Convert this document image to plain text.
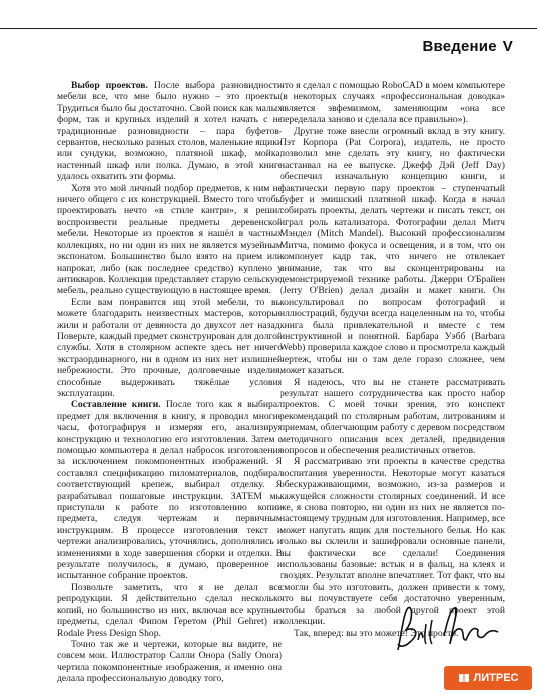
Введение V

Выбор проектов. После выбора разновидности мебели все, что мне было нужно – это проекты. Трудиться было бы достаточно. Свой поиск как малых форм, так и крупных изделий я хотел начать с не традиционные разновидности – пара буфетов-сервантов, несколько разных столов, маленькие ящики или сундуки, возможно, платяной шкаф, мойка, настенный шкаф или полка. Думаю, в этой книге удалось охватить эти формы.

Хотя это мой личный подбор предметов, к ним не ничего общего с их конструкцией. Вместо того чтобы проектировать нечто «в стиле кантри», я решил воспроизвести реальные предметы деревенской мебели. Некоторые из проектов я нашёл в частных коллекциях, но ни один из них не является музейным экспонатом. Большинство было взято на прием или напрокат, либо (как последнее средство) куплено у антикваров. Коллекция представляет старую сельскую мебель, реально существующую в настоящее время.

Если вам понравится ищ этой мебели, то вы можете благодарить неизвестных мастеров, которые жили и работали от девяноста до двухсот лет назад. Поверьте, каждый предмет сконструирован для долгой службы. Хотя в столярном аспекте здесь нет ничего экстраординарного, ни в одном из них нет излишней небрежности. Это прочные, долговечные изделия, способные выдерживать тяжёлые условия эксплуатации.

Составление книги. После того как я выбирал предмет для включения в книгу, я проводил многие часы, фотографируя и измеряя его, анализируя конструкцию и технологию его изготовления. Затем с помощью компьютера я делал набросок изготовления за исключением покомпонентных изображений. Я составлял спецификацию пиломатериалов, подбирал соответствующий крепеж, выбирал отделку. Я разрабатывал пошаговые инструкции. ЗАТЕМ мы приступали к работе по изготовлению копии предмета, следуя чертежам и первичным инструкциям. В процессе изготовления текст и чертежи анализировались, уточнялись, дополнялись и изменениями в ходе завершения сборки и отделки. В результате получилось, я думаю, проверенное и испытанное собрание проектов.

Позвольте заметить, что я не делал все репродукции. Я действительно сделал несколько копий, но большинство из них, включая все крупные предметы, сделал Фипом Геретом (Phil Gehret) из Rodale Press Design Shop.

Точно так же и чертежи, которые вы видите, не совсем мои. Иллюстратор Салли Онора (Sally Onora) чертила покомпонентные изображения, и именно она делала профессиональную доводку того,

что я сделал с помощью RoboCAD в моем компьютере (в некоторых случаях «профессиональная доводка» является эвфемизмом, заменяющим «она все переделала заново и сделала все правильно»).

Другие тоже внесли огромный вклад в эту книгу. Пэт Корпора (Pat Corpora), издатель, не просто позволил мне сделать эту книгу, но фактически настаивал на ее выпуске. Джефф Дэй (Jeff Day) обеспечил изначальную концепцию книги, и фактически первую пару проектов – ступенчатый буфет и эмишский платяной шкаф. Когда я начал собирать проекты, делать чертежи и писать текст, он играл роль катализатора. Фотографии делал Митч Мэндел (Mitch Mandel). Высокий профессионализм Митча, помимо фокуса и освещения, и в том, что он компонует кадр так, что ничего не отвлекает внимание, так что вы сконцентрированы на демонстрируемой технике работы. Джерри О'Брайен (Jerry O'Brien) делал дизайн и макет книги. Он консультировал по вопросам фотографий и иллюстраций, будучи всегда нацеленным на то, чтобы книга была привлекательной и вместе с тем инструктивной и понятной. Барбара Уэбб (Barbara Webb) проверила каждое слово и просмотрела каждый чертеж, чтобы ни о там деле горазо сложнее, чем может казаться.

Я надеюсь, что вы не станете рассматривать результат нашего сотрудничества как просто набор проектов. С моей точки зрения, это конспект рекомендаций по столярным работам, литрованиям и приемам, облегчающим работу с деревом посредством методичного описания всех деталей, предвидения вопросов и обеспечения реалистичных ответов.

Я рассматриваю эти проекты в качестве средства воспитания уверенности. Некоторые могут казаться обескураживающими, возможно, из-за размеров и кажущейся сложности столярных соединений. И все же, я снова повторю, ни один из них не является по-настоящему трудным для изготовления. Например, все может напугать ящик для постельного белья. Но как только вы склеили и зашифровали основные панели, вы фактически все сделали! Соединения использованы базовые: встык и в фальц, на клеях и гвоздях. Результат вполне впечатляет. Тот факт, что вы смогли бы это изготовить, должен привести к тому, что вы почувствуете себя достаточно уверенным, чтобы браться за любой другой проект этой коллекции.

Так, вперед: вы это можете! Это просто.

ЛИТРЕС
